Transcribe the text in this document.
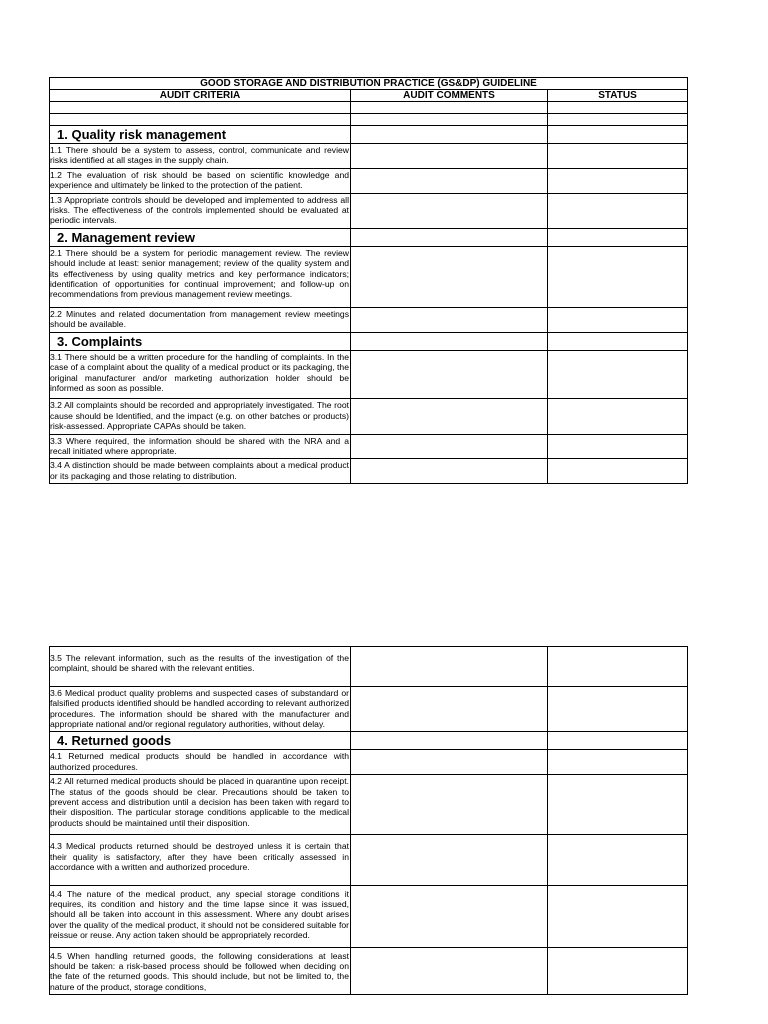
GOOD STORAGE AND DISTRIBUTION PRACTICE (GS&DP) GUIDELINE		
AUDIT CRITERIA	AUDIT COMMENTS	STATUS

1. Quality risk management		
1.1 There should be a system to assess, control, communicate and review risks identified at all stages in the supply chain.		
1.2 The evaluation of risk should be based on scientific knowledge and experience and ultimately be linked to the protection of the patient.		
1.3 Appropriate controls should be developed and implemented to address all risks. The effectiveness of the controls implemented should be evaluated at periodic intervals.		
2. Management review		
2.1 There should be a system for periodic management review. The review should include at least: senior management; review of the quality system and its effectiveness by using quality metrics and key performance indicators; identification of opportunities for continual improvement; and follow-up on recommendations from previous management review meetings.		
2.2 Minutes and related documentation from management review meetings should be available.		
3. Complaints		
3.1 There should be a written procedure for the handling of complaints. In the case of a complaint about the quality of a medical product or its packaging, the original manufacturer and/or marketing authorization holder should be informed as soon as possible.		
3.2 All complaints should be recorded and appropriately investigated. The root cause should be Identified, and the impact (e.g. on other batches or products) risk-assessed. Appropriate CAPAs should be taken.		
3.3 Where required, the information should be shared with the NRA and a recall initiated where appropriate.		
3.4 A distinction should be made between complaints about a medical product or its packaging and those relating to distribution.		
3.5 The relevant information, such as the results of the investigation of the complaint, should be shared with the relevant entities.		
3.6 Medical product quality problems and suspected cases of substandard or falsified products identified should be handled according to relevant authorized procedures. The information should be shared with the manufacturer and appropriate national and/or regional regulatory authorities, without delay.		
4. Returned goods		
4.1 Returned medical products should be handled in accordance with authorized procedures.		
4.2 All returned medical products should be placed in quarantine upon receipt. The status of the goods should be clear. Precautions should be taken to prevent access and distribution until a decision has been taken with regard to their disposition. The particular storage conditions applicable to the medical products should be maintained until their disposition.		
4.3 Medical products returned should be destroyed unless it is certain that their quality is satisfactory, after they have been critically assessed in accordance with a written and authorized procedure.		
4.4 The nature of the medical product, any special storage conditions it requires, its condition and history and the time lapse since it was issued, should all be taken into account in this assessment. Where any doubt arises over the quality of the medical product, it should not be considered suitable for reissue or reuse. Any action taken should be appropriately recorded.		
4.5 When handling returned goods, the following considerations at least should be taken: a risk-based process should be followed when deciding on the fate of the returned goods. This should include, but not be limited to, the nature of the product, storage conditions,		
